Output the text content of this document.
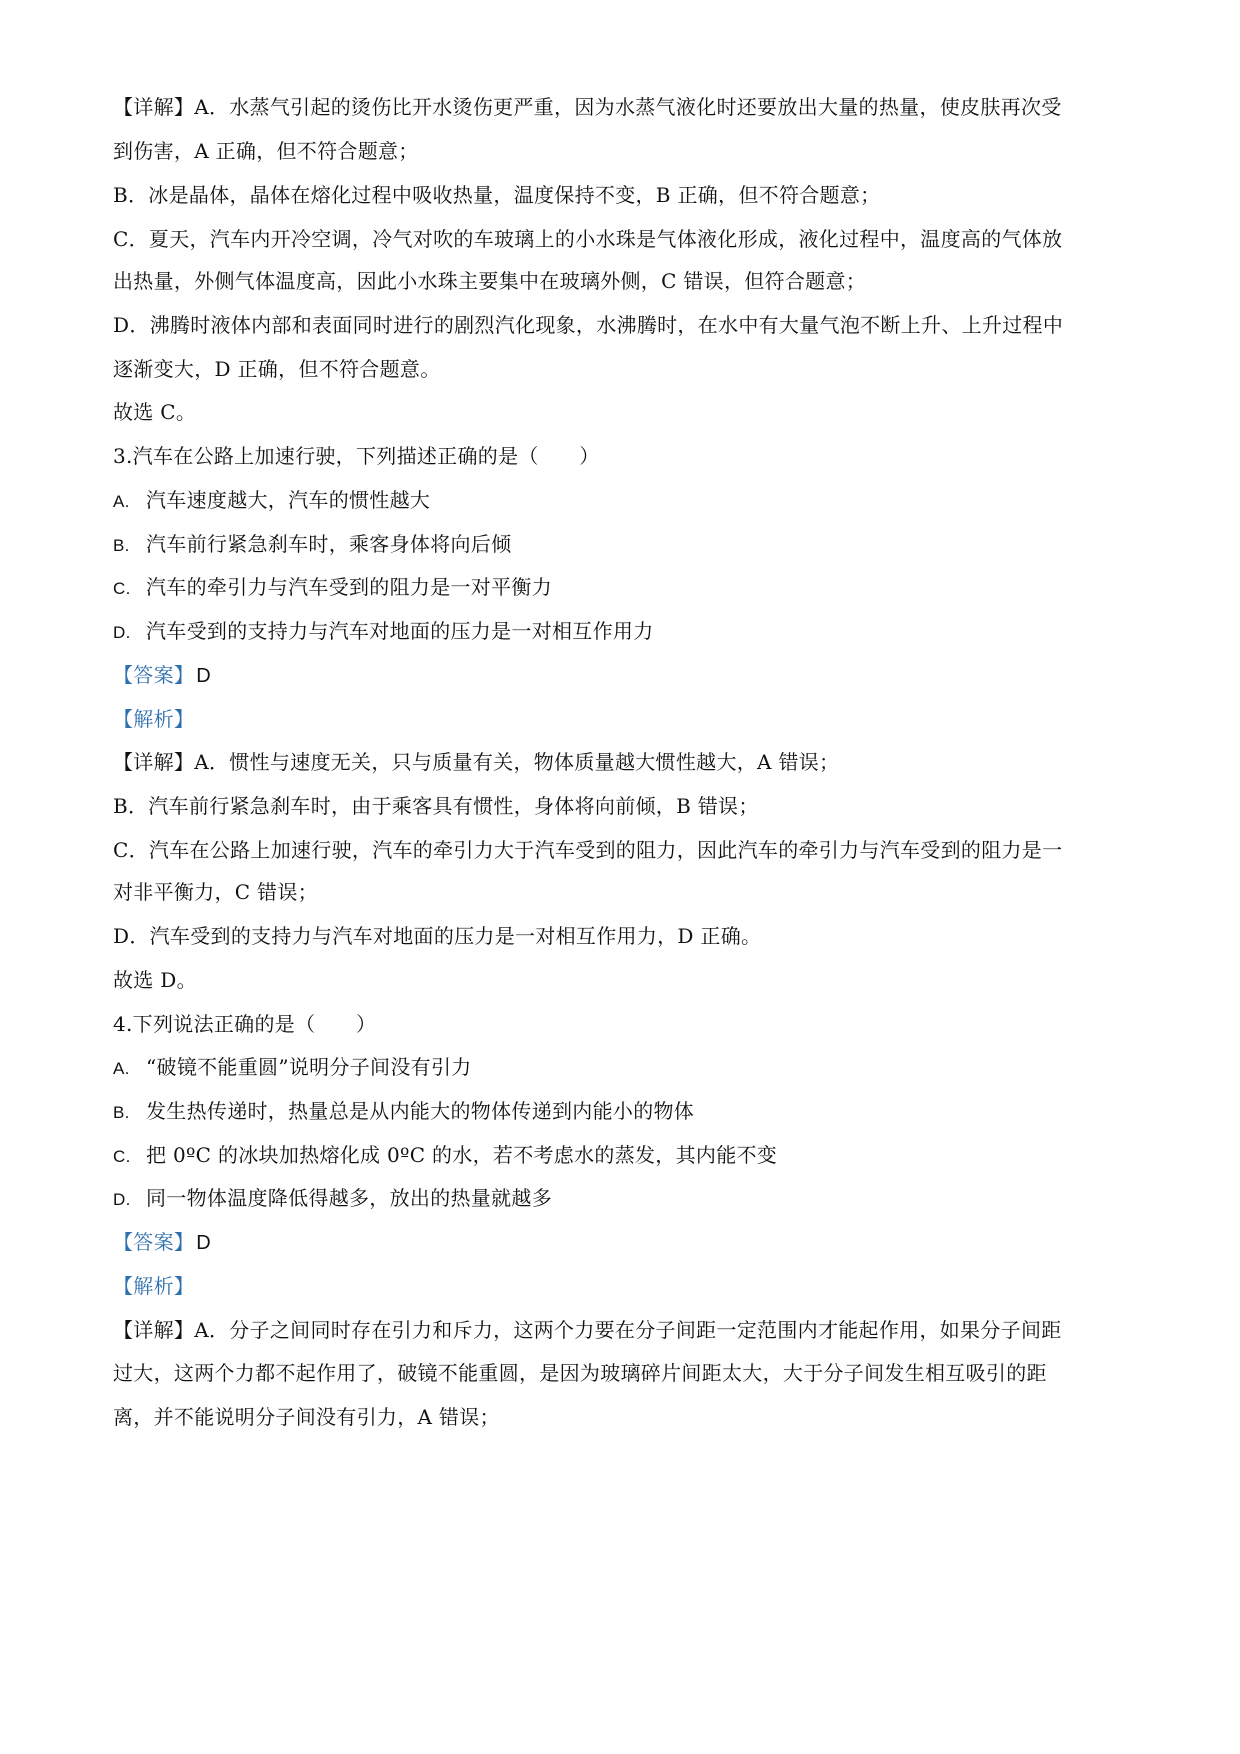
【详解】A．水蒸气引起的烫伤比开水烫伤更严重，因为水蒸气液化时还要放出大量的热量，使皮肤再次受
到伤害，A 正确，但不符合题意；
B．冰是晶体，晶体在熔化过程中吸收热量，温度保持不变，B 正确，但不符合题意；
C．夏天，汽车内开冷空调，冷气对吹的车玻璃上的小水珠是气体液化形成，液化过程中，温度高的气体放
出热量，外侧气体温度高，因此小水珠主要集中在玻璃外侧，C 错误，但符合题意；
D．沸腾时液体内部和表面同时进行的剧烈汽化现象，水沸腾时，在水中有大量气泡不断上升、上升过程中
逐渐变大，D 正确，但不符合题意。
故选 C。
3.汽车在公路上加速行驶，下列描述正确的是（　　）
A. 汽车速度越大，汽车的惯性越大
B. 汽车前行紧急刹车时，乘客身体将向后倾
C. 汽车的牵引力与汽车受到的阻力是一对平衡力
D. 汽车受到的支持力与汽车对地面的压力是一对相互作用力
【答案】 D
【解析】
【详解】A．惯性与速度无关，只与质量有关，物体质量越大惯性越大，A 错误；
B．汽车前行紧急刹车时，由于乘客具有惯性，身体将向前倾，B 错误；
C．汽车在公路上加速行驶，汽车的牵引力大于汽车受到的阻力，因此汽车的牵引力与汽车受到的阻力是一
对非平衡力，C 错误；
D．汽车受到的支持力与汽车对地面的压力是一对相互作用力，D 正确。
故选 D。
4.下列说法正确的是（　　）
A. “破镜不能重圆”说明分子间没有引力
B. 发生热传递时，热量总是从内能大的物体传递到内能小的物体
C. 把 0ºC 的冰块加热熔化成 0ºC 的水，若不考虑水的蒸发，其内能不变
D. 同一物体温度降低得越多，放出的热量就越多
【答案】 D
【解析】
【详解】A．分子之间同时存在引力和斥力，这两个力要在分子间距一定范围内才能起作用，如果分子间距
过大，这两个力都不起作用了，破镜不能重圆，是因为玻璃碎片间距太大，大于分子间发生相互吸引的距
离，并不能说明分子间没有引力，A 错误；
